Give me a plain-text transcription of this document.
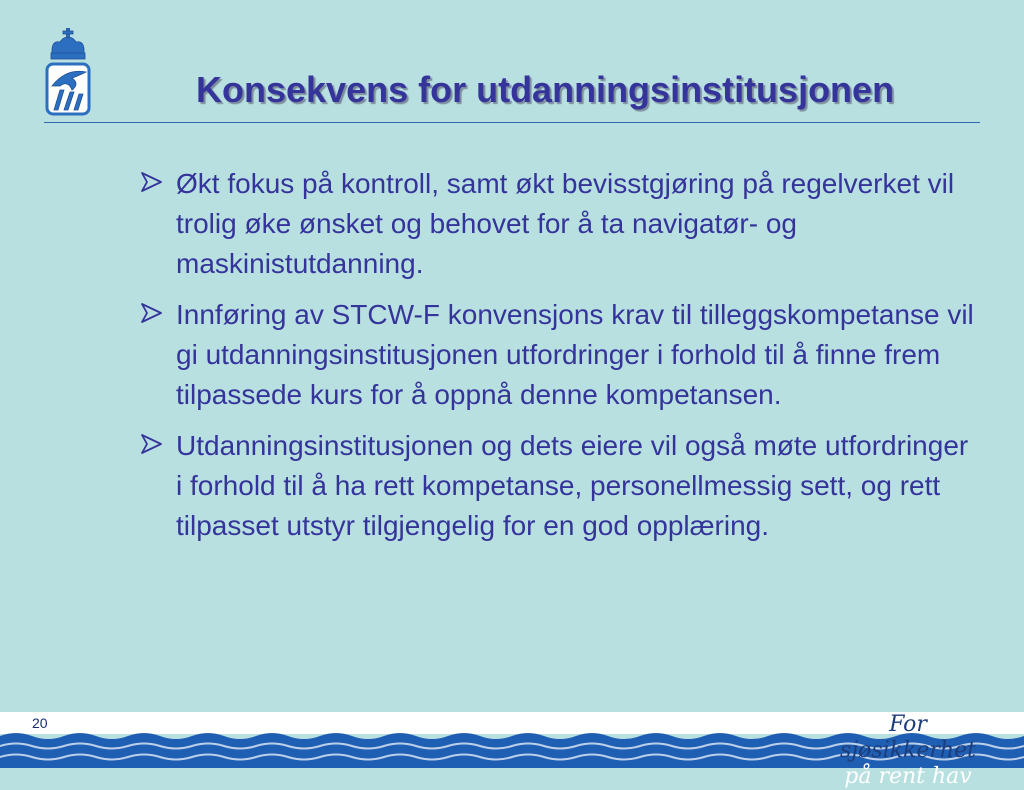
Konsekvens for utdanningsinstitusjonen
Økt fokus på kontroll, samt økt bevisstgjøring på regelverket vil trolig øke ønsket og behovet for å ta navigatør- og maskinistutdanning.
Innføring av STCW-F konvensjons krav til tilleggskompetanse vil gi utdanningsinstitusjonen utfordringer i forhold til å finne frem tilpassede kurs for å oppnå denne kompetansen.
Utdanningsinstitusjonen og dets eiere vil også møte utfordringer i forhold til å ha rett kompetanse, personellmessig sett, og rett tilpasset utstyr tilgjengelig for en god opplæring.
20	For sjøsikkerhet
på rent hav
